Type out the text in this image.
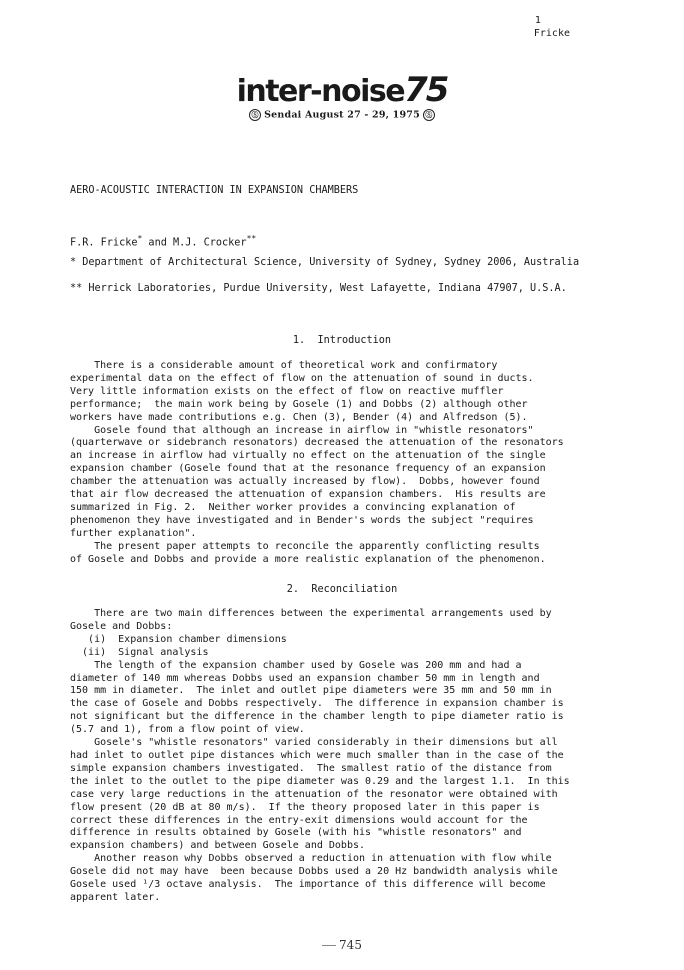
1
Fricke
inter-noise75
Ⓢ Sendai August 27 - 29, 1975 Ⓢ
AERO-ACOUSTIC INTERACTION IN EXPANSION CHAMBERS
F.R. Fricke* and M.J. Crocker**
* Department of Architectural Science, University of Sydney, Sydney 2006, Australia
** Herrick Laboratories, Purdue University, West Lafayette, Indiana 47907, U.S.A.
1.  Introduction

There is a considerable amount of theoretical work and confirmatory

experimental data on the effect of flow on the attenuation of sound in ducts.

Very little information exists on the effect of flow on reactive muffler

performance;  the main work being by Gosele (1) and Dobbs (2) although other

workers have made contributions e.g. Chen (3), Bender (4) and Alfredson (5).

Gosele found that although an increase in airflow in "whistle resonators"

(quarterwave or sidebranch resonators) decreased the attenuation of the resonators

an increase in airflow had virtually no effect on the attenuation of the single

expansion chamber (Gosele found that at the resonance frequency of an expansion

chamber the attenuation was actually increased by flow).  Dobbs, however found

that air flow decreased the attenuation of expansion chambers.  His results are

summarized in Fig. 2.  Neither worker provides a convincing explanation of

phenomenon they have investigated and in Bender's words the subject "requires

further explanation".

The present paper attempts to reconcile the apparently conflicting results

of Gosele and Dobbs and provide a more realistic explanation of the phenomenon.

2.  Reconciliation

There are two main differences between the experimental arrangements used by

Gosele and Dobbs:

(i)  Expansion chamber dimensions

(ii)  Signal analysis

The length of the expansion chamber used by Gosele was 200 mm and had a

diameter of 140 mm whereas Dobbs used an expansion chamber 50 mm in length and

150 mm in diameter.  The inlet and outlet pipe diameters were 35 mm and 50 mm in

the case of Gosele and Dobbs respectively.  The difference in expansion chamber is

not significant but the difference in the chamber length to pipe diameter ratio is

(5.7 and 1), from a flow point of view.

Gosele's "whistle resonators" varied considerably in their dimensions but all

had inlet to outlet pipe distances which were much smaller than in the case of the

simple expansion chambers investigated.  The smallest ratio of the distance from

the inlet to the outlet to the pipe diameter was 0.29 and the largest 1.1.  In this

case very large reductions in the attenuation of the resonator were obtained with

flow present (20 dB at 80 m/s).  If the theory proposed later in this paper is

correct these differences in the entry-exit dimensions would account for the

difference in results obtained by Gosele (with his "whistle resonators" and

expansion chambers) and between Gosele and Dobbs.

Another reason why Dobbs observed a reduction in attenuation with flow while

Gosele did not may have  been because Dobbs used a 20 Hz bandwidth analysis while

Gosele used ¹/3 octave analysis.  The importance of this difference will become

apparent later.

745
